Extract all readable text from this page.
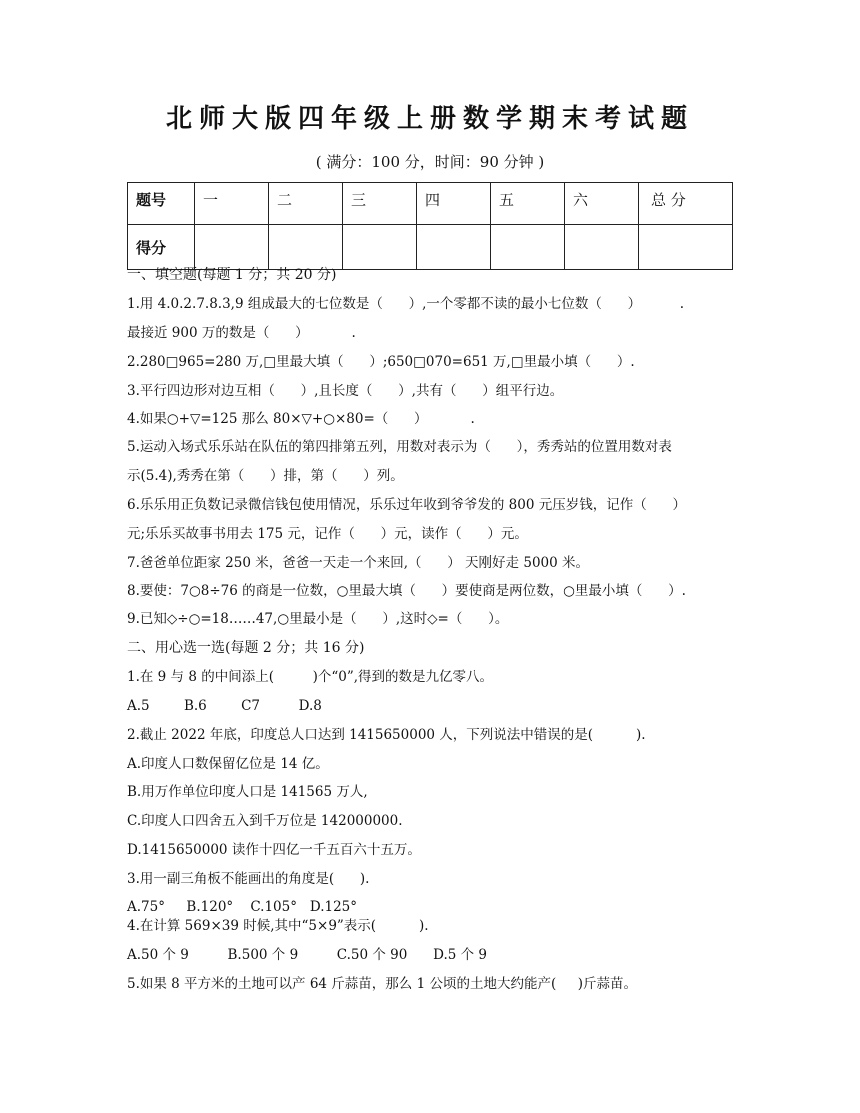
北师大版四年级上册数学期末考试题
( 满分：100 分，时间：90 分钟 )
题号	一	二	三	四	五	六	总 分
得分							
一、填空题(每题 1 分；共 20 分)
1.用 4.0.2.7.8.3,9 组成最大的七位数是（      ）,一个零都不读的最小七位数（      ）         .
最接近 900 万的数是（      ）          .
2.280□965=280 万,□里最大填（      ）;650□070=651 万,□里最小填（      ）.
3.平行四边形对边互相（      ）,且长度（      ）,共有（      ）组平行边。
4.如果○+▽=125 那么 80×▽+○×80=（      ）          .
5.运动入场式乐乐站在队伍的第四排第五列，用数对表示为（      ），秀秀站的位置用数对表
示(5.4),秀秀在第（      ）排，第（      ）列。
6.乐乐用正负数记录微信钱包使用情况，乐乐过年收到爷爷发的 800 元压岁钱，记作（      ）
元;乐乐买故事书用去 175 元，记作（      ）元，读作（      ）元。
7.爸爸单位距家 250 米，爸爸一天走一个来回,（      ） 天刚好走 5000 米。
8.要使：7○8÷76 的商是一位数，○里最大填（      ）要使商是两位数，○里最小填（      ）.
9.已知◇÷○=18……47,○里最小是（      ）,这时◇=（      ）。
二、用心选一选(每题 2 分；共 16 分)
1.在 9 与 8 的中间添上(         )个“0”,得到的数是九亿零八。
A.5        B.6        C7         D.8
2.截止 2022 年底，印度总人口达到 1415650000 人，下列说法中错误的是(          ).
A.印度人口数保留亿位是 14 亿。
B.用万作单位印度人口是 141565 万人,
C.印度人口四舍五入到千万位是 142000000.
D.1415650000 读作十四亿一千五百六十五万。
3.用一副三角板不能画出的角度是(      ).
A.75°     B.120°    C.105°   D.125°
4.在计算 569×39 时候,其中“5×9”表示(          ).
A.50 个 9         B.500 个 9         C.50 个 90      D.5 个 9
5.如果 8 平方米的土地可以产 64 斤蒜苗，那么 1 公顷的土地大约能产(     )斤蒜苗。
